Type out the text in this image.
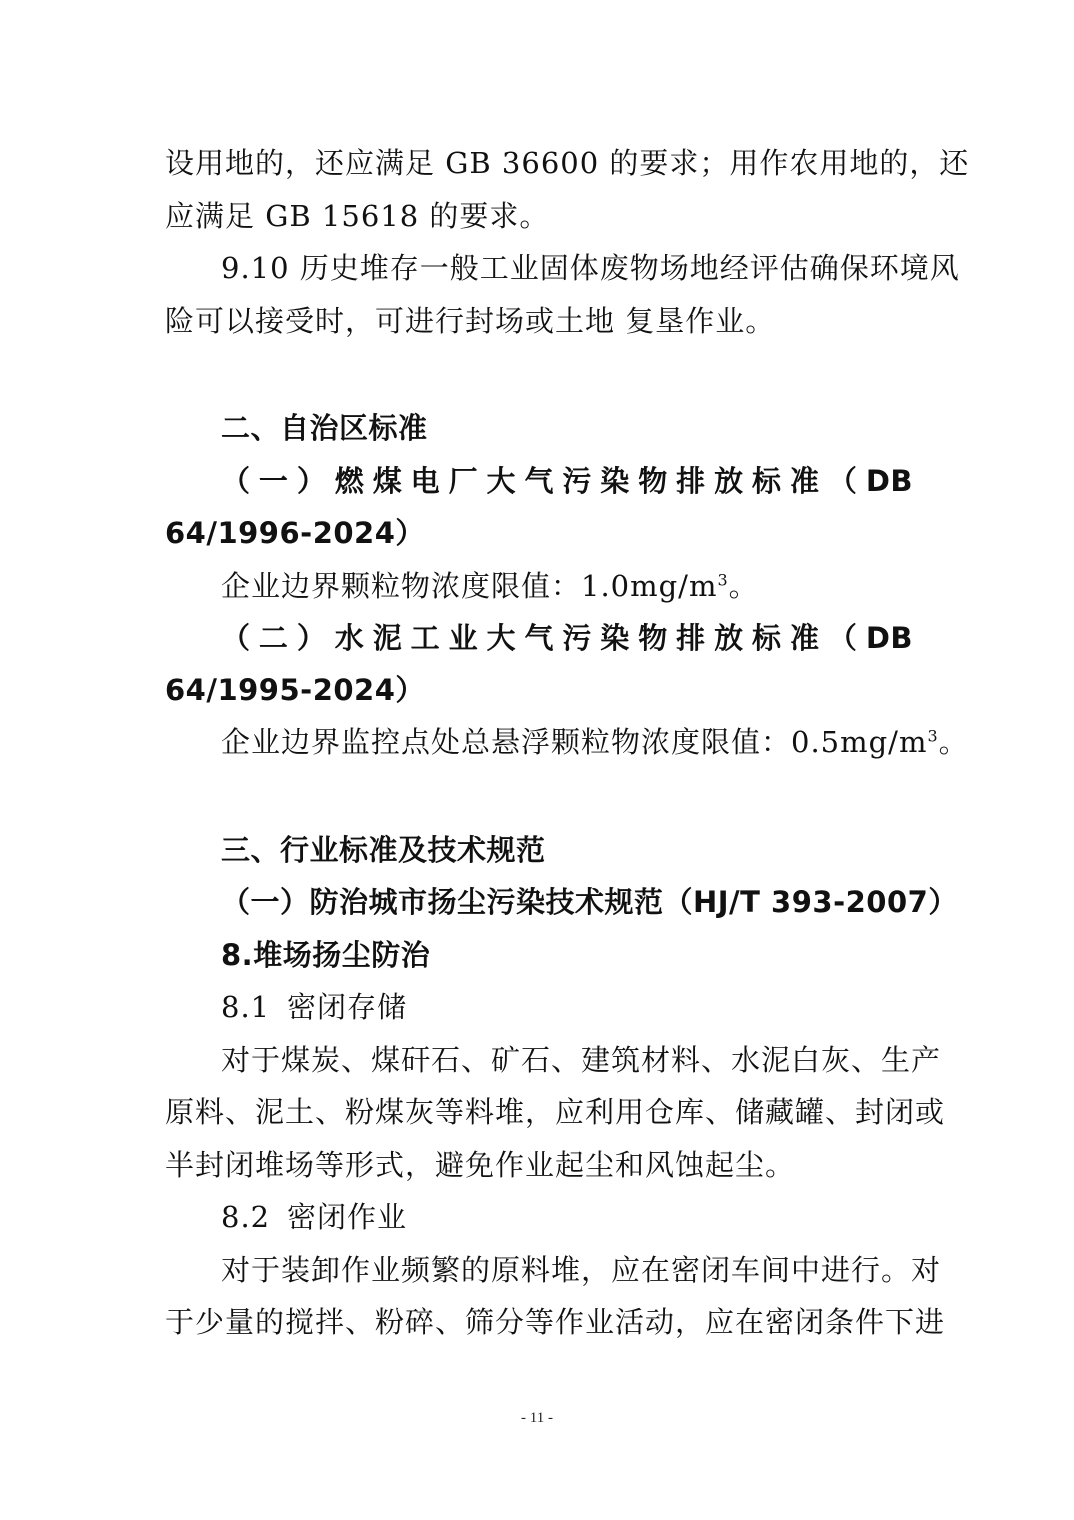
设用地的，还应满足 GB 36600 的要求；用作农用地的，还
应满足 GB 15618 的要求。
9.10 历史堆存一般工业固体废物场地经评估确保环境风
险可以接受时，可进行封场或土地 复垦作业。
二、自治区标准
（一）燃煤电厂大气污染物排放标准（DB
64/1996-2024）
企业边界颗粒物浓度限值：$1.0mg/m^3$。
（二）水泥工业大气污染物排放标准（DB
64/1995-2024）
企业边界监控点处总悬浮颗粒物浓度限值：$0.5mg/m^3$。
三、行业标准及技术规范
（一）防治城市扬尘污染技术规范（HJ/T 393-2007）
8.堆场扬尘防治
8.1 密闭存储
对于煤炭、煤矸石、矿石、建筑材料、水泥白灰、生产
原料、泥土、粉煤灰等料堆，应利用仓库、储藏罐、封闭或
半封闭堆场等形式，避免作业起尘和风蚀起尘。
8.2 密闭作业
对于装卸作业频繁的原料堆，应在密闭车间中进行。对
于少量的搅拌、粉碎、筛分等作业活动，应在密闭条件下进
- 11 -
